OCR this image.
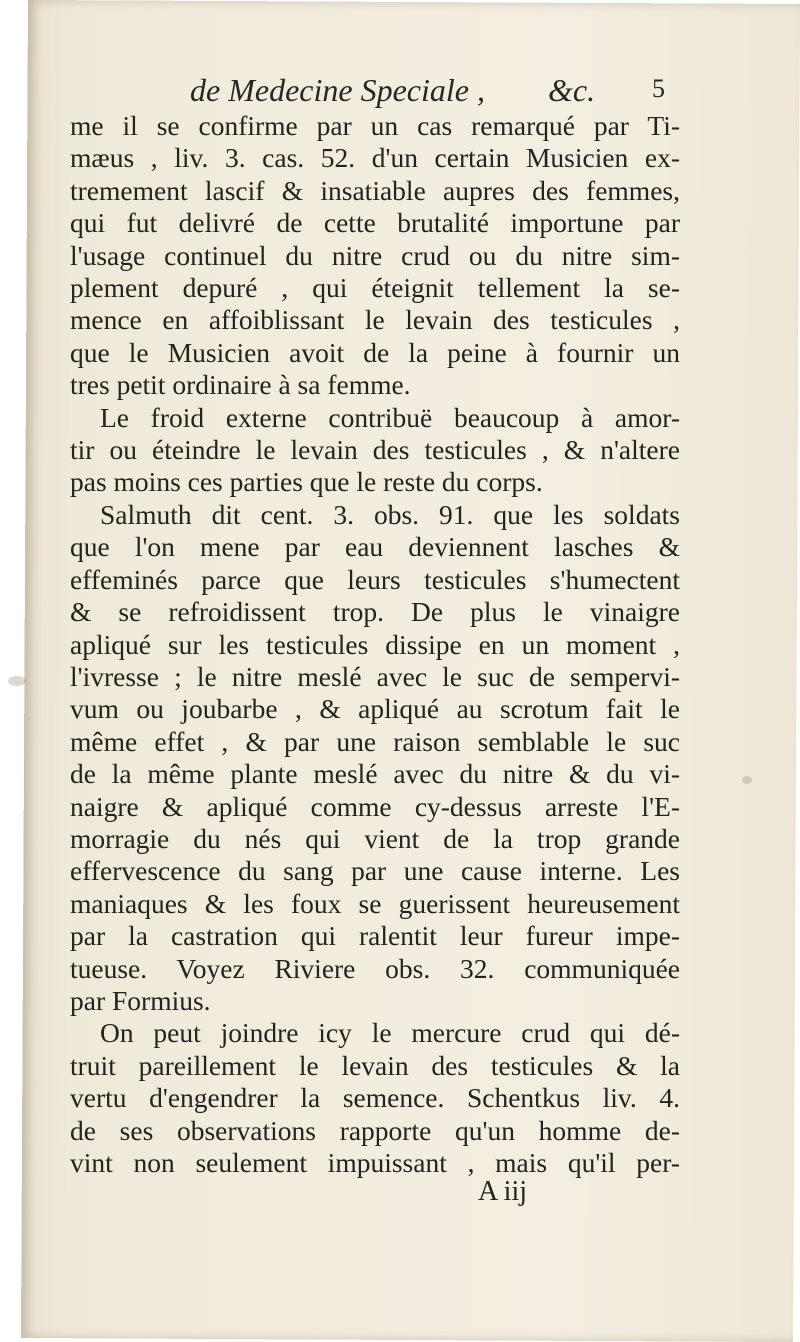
de Medecine Speciale , &c. 5
me il se confirme par un cas remarqué par Ti-
mæus , liv. 3. cas. 52. d'un certain Musicien ex-
tremement lascif & insatiable aupres des femmes,
qui fut delivré de cette brutalité importune par
l'usage continuel du nitre crud ou du nitre sim-
plement depuré , qui éteignit tellement la se-
mence en affoiblissant le levain des testicules ,
que le Musicien avoit de la peine à fournir un
tres petit ordinaire à sa femme.
Le froid externe contribuë beaucoup à amor-
tir ou éteindre le levain des testicules , & n'altere
pas moins ces parties que le reste du corps.
Salmuth dit cent. 3. obs. 91. que les soldats
que l'on mene par eau deviennent lasches &
effeminés parce que leurs testicules s'humectent
& se refroidissent trop. De plus le vinaigre
apliqué sur les testicules dissipe en un moment ,
l'ivresse ; le nitre meslé avec le suc de sempervi-
vum ou joubarbe , & apliqué au scrotum fait le
même effet , & par une raison semblable le suc
de la même plante meslé avec du nitre & du vi-
naigre & apliqué comme cy-dessus arreste l'E-
morragie du nés qui vient de la trop grande
effervescence du sang par une cause interne. Les
maniaques & les foux se guerissent heureusement
par la castration qui ralentit leur fureur impe-
tueuse. Voyez Riviere obs. 32. communiquée
par Formius.
On peut joindre icy le mercure crud qui dé-
truit pareillement le levain des testicules & la
vertu d'engendrer la semence. Schentkus liv. 4.
de ses observations rapporte qu'un homme de-
vint non seulement impuissant , mais qu'il per-
A iij
